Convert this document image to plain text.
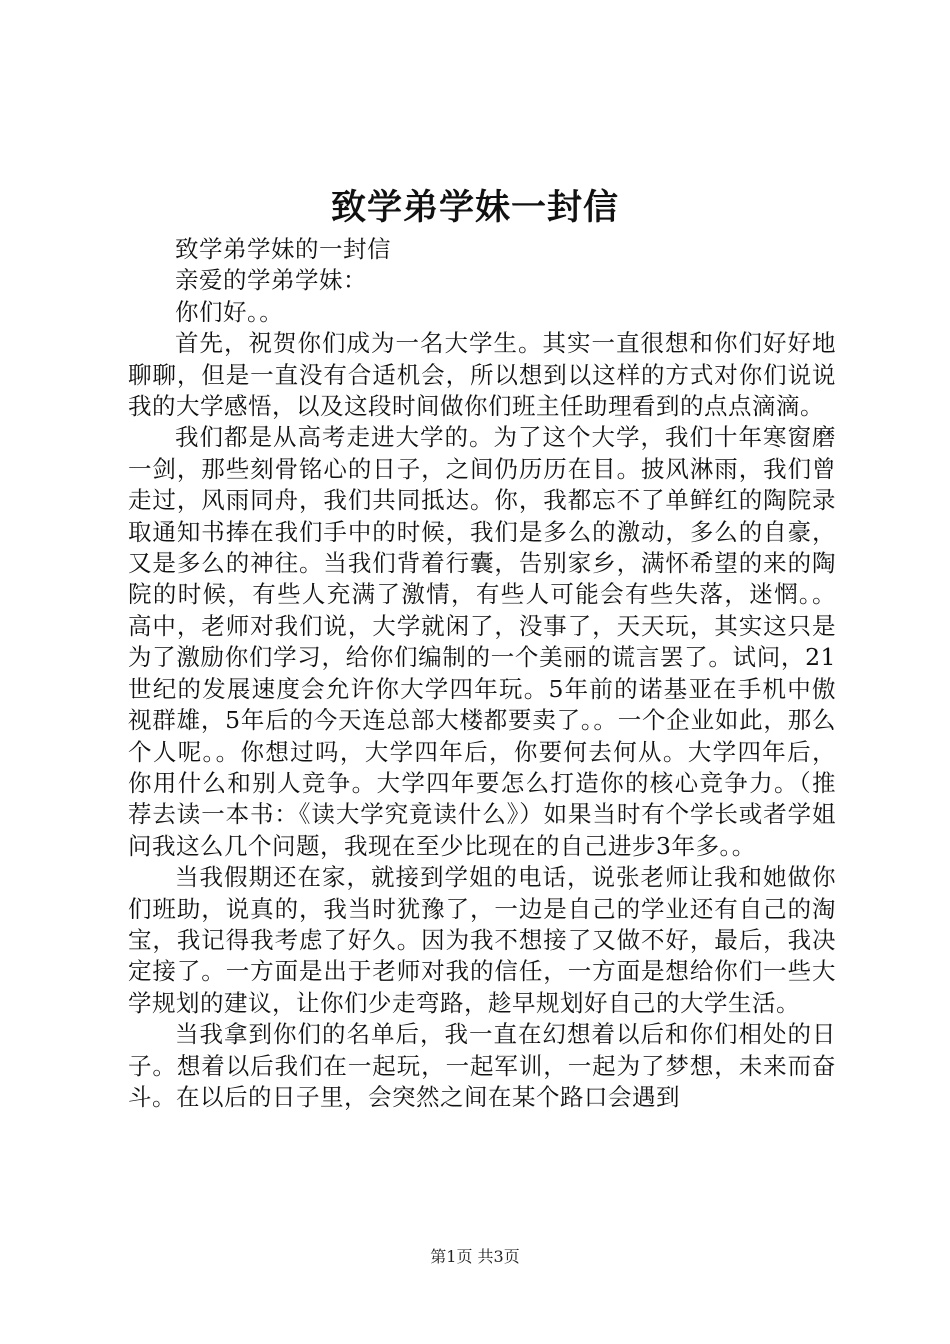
致学弟学妹一封信

致学弟学妹的一封信

亲爱的学弟学妹：

你们好。。

首先，祝贺你们成为一名大学生。其实一直很想和你们好好地聊聊，但是一直没有合适机会，所以想到以这样的方式对你们说说我的大学感悟，以及这段时间做你们班主任助理看到的点点滴滴。

我们都是从高考走进大学的。为了这个大学，我们十年寒窗磨一剑，那些刻骨铭心的日子，之间仍历历在目。披风淋雨，我们曾走过，风雨同舟，我们共同抵达。你，我都忘不了单鲜红的陶院录取通知书捧在我们手中的时候，我们是多么的激动，多么的自豪，又是多么的神往。当我们背着行囊，告别家乡，满怀希望的来的陶院的时候，有些人充满了激情，有些人可能会有些失落，迷惘。。高中，老师对我们说，大学就闲了，没事了，天天玩，其实这只是为了激励你们学习，给你们编制的一个美丽的谎言罢了。试问，21世纪的发展速度会允许你大学四年玩。5年前的诺基亚在手机中傲视群雄，5年后的今天连总部大楼都要卖了。。一个企业如此，那么个人呢。。你想过吗，大学四年后，你要何去何从。大学四年后，你用什么和别人竞争。大学四年要怎么打造你的核心竞争力。（推荐去读一本书：《读大学究竟读什么》）如果当时有个学长或者学姐问我这么几个问题，我现在至少比现在的自己进步3年多。。

当我假期还在家，就接到学姐的电话，说张老师让我和她做你们班助，说真的，我当时犹豫了，一边是自己的学业还有自己的淘宝，我记得我考虑了好久。因为我不想接了又做不好，最后，我决定接了。一方面是出于老师对我的信任，一方面是想给你们一些大学规划的建议，让你们少走弯路，趁早规划好自己的大学生活。

当我拿到你们的名单后，我一直在幻想着以后和你们相处的日子。想着以后我们在一起玩，一起军训，一起为了梦想，未来而奋斗。在以后的日子里，会突然之间在某个路口会遇到

第1页 共3页
